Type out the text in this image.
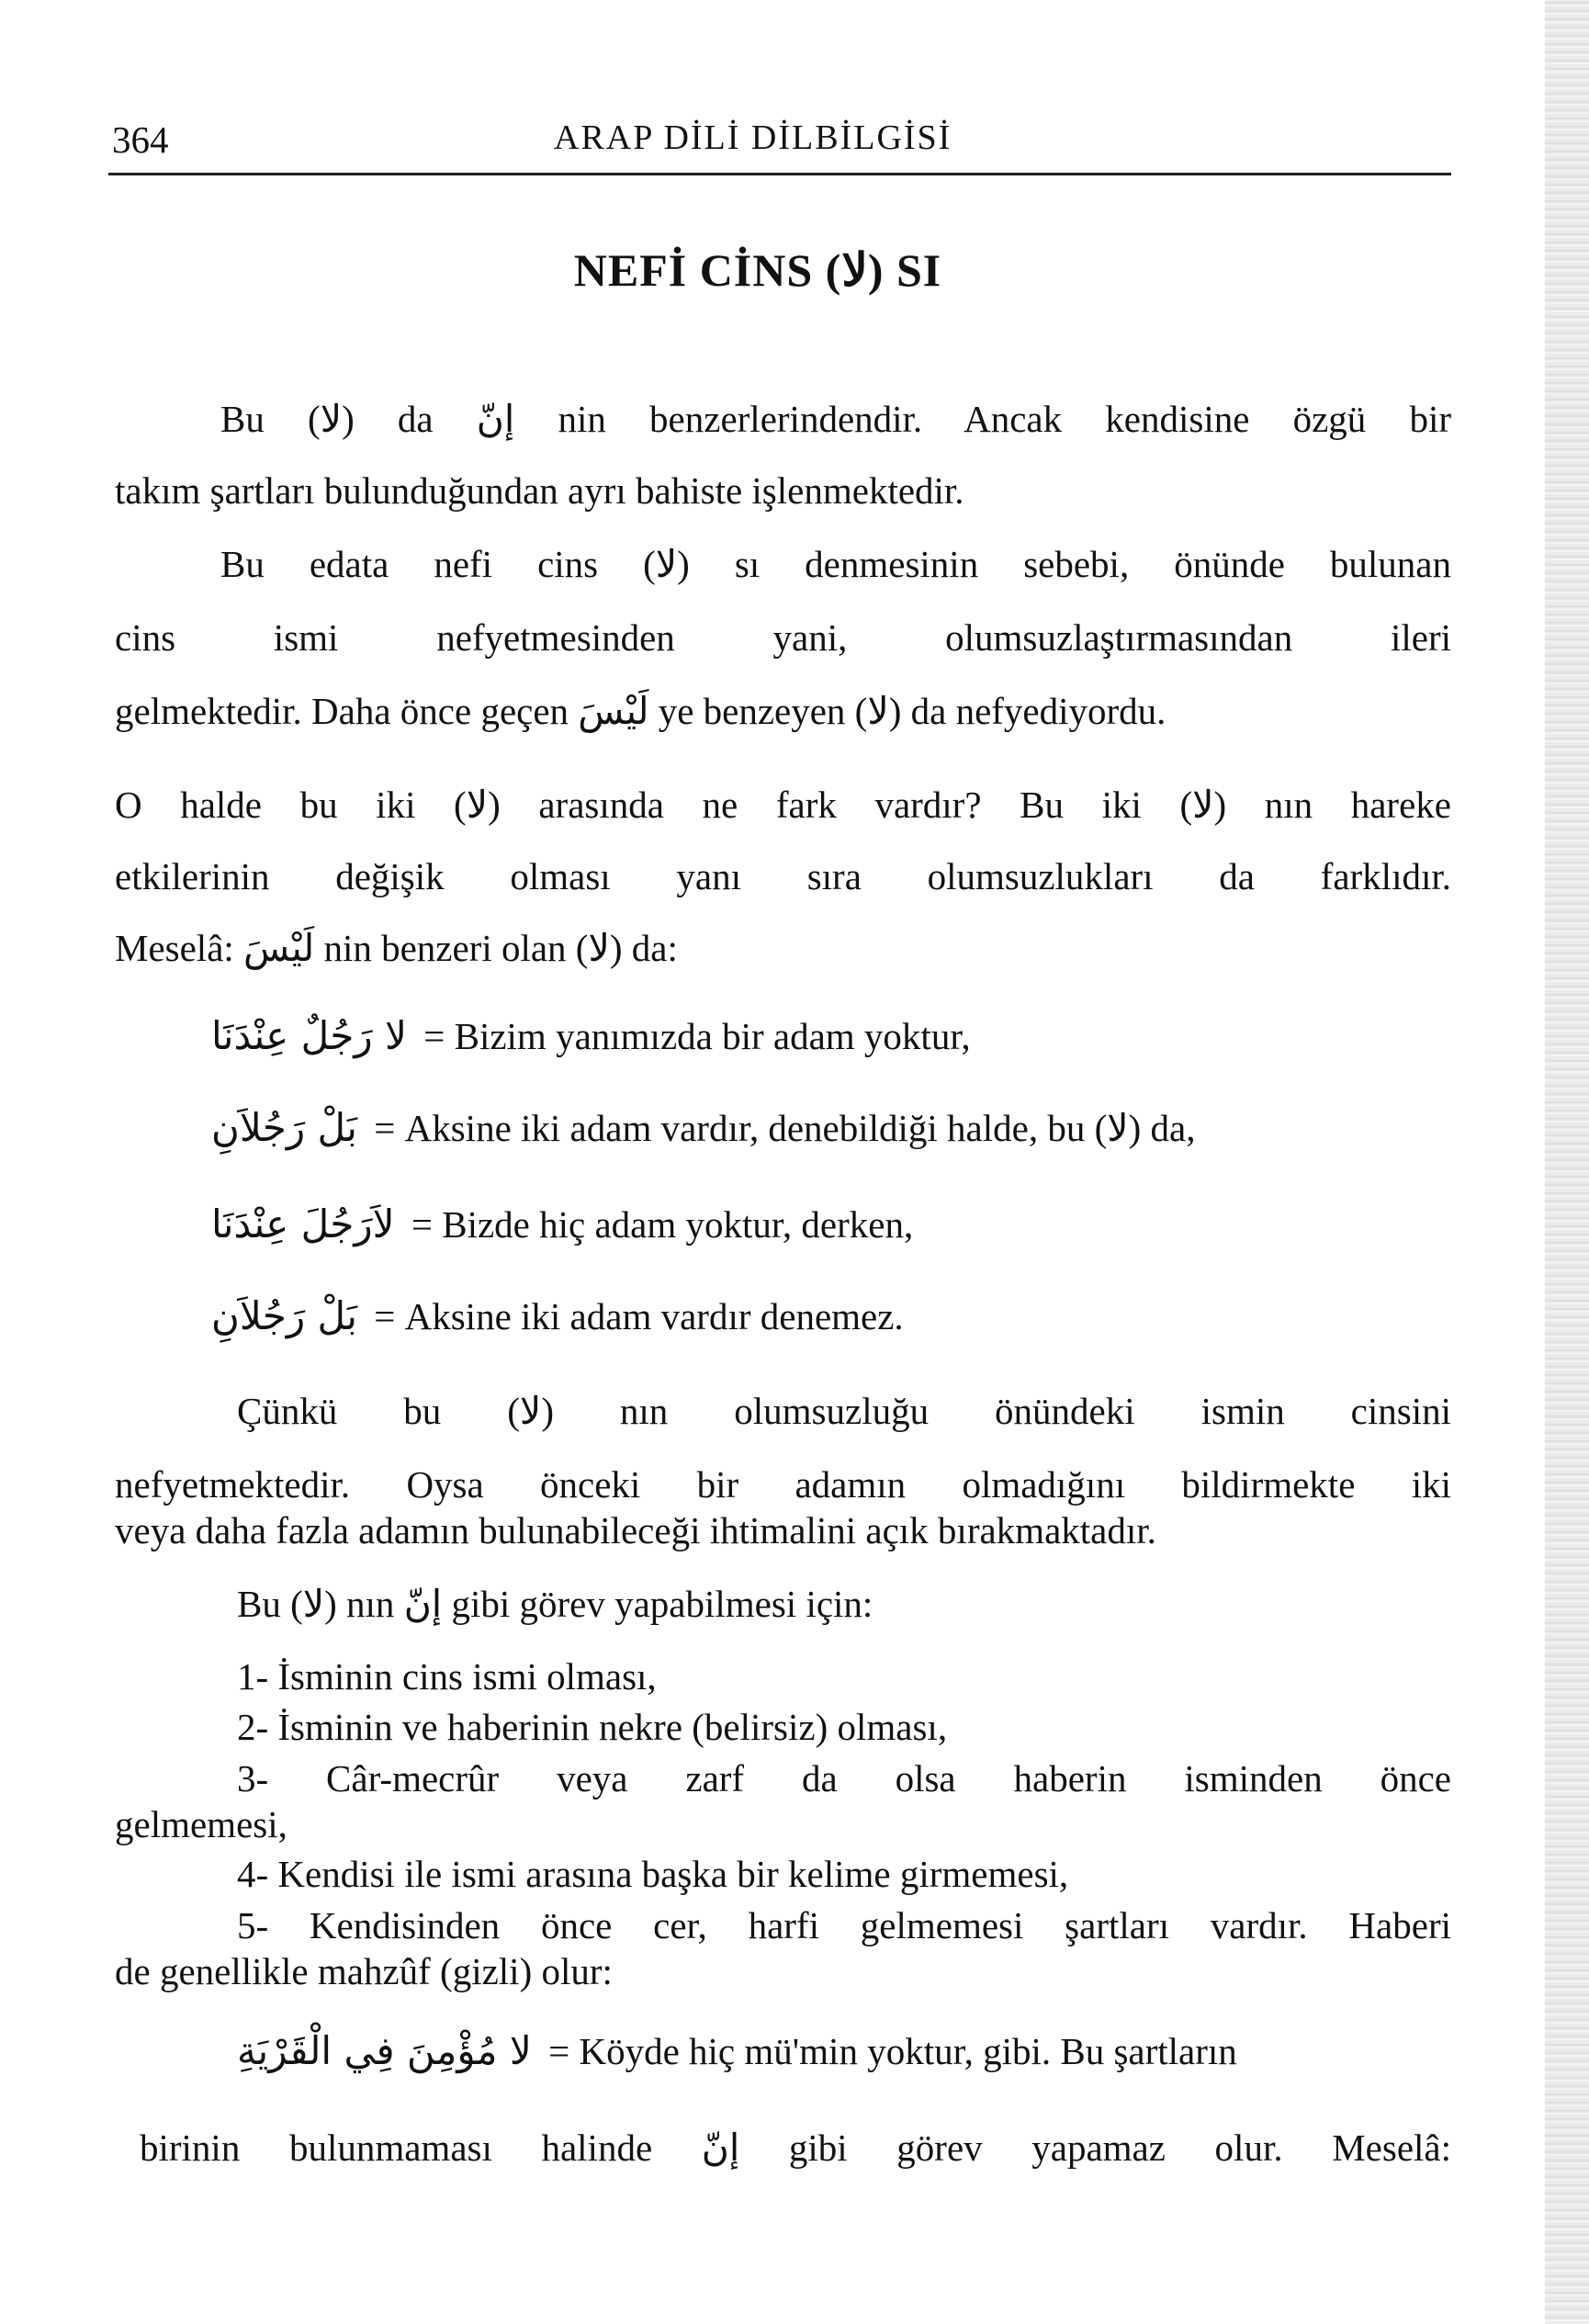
364	ARAP DİLİ DİLBİLGİSİ
NEFİ CİNS (لا) SI
Bu (لا) da إنّ nin benzerlerindendir. Ancak kendisine özgü bir
takım şartları bulunduğundan ayrı bahiste işlenmektedir.
Bu edata nefi cins (لا) sı denmesinin sebebi, önünde bulunan
cins ismi nefyetmesinden yani, olumsuzlaştırmasından ileri
gelmektedir. Daha önce geçen لَيْسَ ye benzeyen (لا) da nefyediyordu.
O halde bu iki (لا) arasında ne fark vardır? Bu iki (لا) nın hareke
etkilerinin değişik olması yanı sıra olumsuzlukları da farklıdır.
Meselâ: لَيْسَ nin benzeri olan (لا) da:
لا رَجُلٌ عِنْدَنَا = Bizim yanımızda bir adam yoktur,
بَلْ رَجُلاَنِ = Aksine iki adam vardır, denebildiği halde, bu (لا) da,
لاَرَجُلَ عِنْدَنَا = Bizde hiç adam yoktur, derken,
بَلْ رَجُلاَنِ = Aksine iki adam vardır denemez.
Çünkü bu (لا) nın olumsuzluğu önündeki ismin cinsini
nefyetmektedir. Oysa önceki bir adamın olmadığını bildirmekte iki
veya daha fazla adamın bulunabileceği ihtimalini açık bırakmaktadır.
Bu (لا) nın إنّ gibi görev yapabilmesi için:
1- İsminin cins ismi olması,
2- İsminin ve haberinin nekre (belirsiz) olması,
3- Câr-mecrûr veya zarf da olsa haberin isminden önce
gelmemesi,
4- Kendisi ile ismi arasına başka bir kelime girmemesi,
5- Kendisinden önce cer, harfi gelmemesi şartları vardır. Haberi
de genellikle mahzûf (gizli) olur:
لا مُؤْمِنَ فِي الْقَرْيَةِ = Köyde hiç mü'min yoktur, gibi. Bu şartların
birinin bulunmaması halinde إنّ gibi görev yapamaz olur. Meselâ:
